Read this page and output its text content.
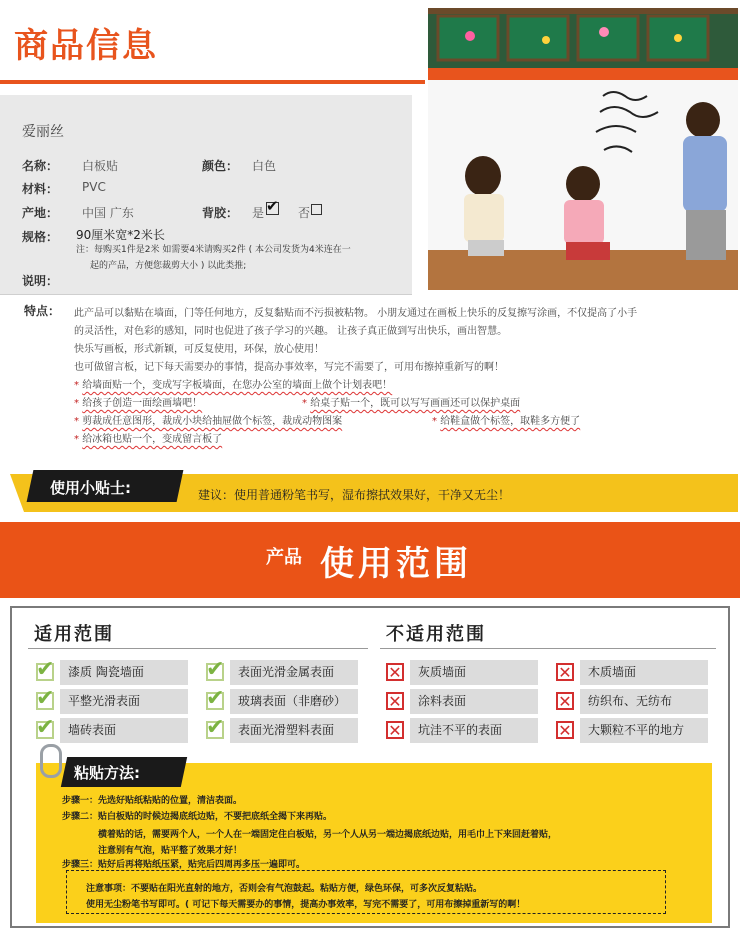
商品信息
爱丽丝
名称： 白板贴	颜色： 白色
材料： PVC
产地： 中国 广东	背胶： 是 ✔ 否
规格： 90厘米宽*2米长
注：每购买1件是2米 如需要4米请购买2件 ( 本公司发货为4米连在一
起的产品，方便您裁剪大小 ) 以此类推;
说明：
特点： 此产品可以黏贴在墙面，门等任何地方，反复黏贴而不污损被粘物。 小朋友通过在画板上快乐的反复擦写涂画，不仅提高了小手
的灵活性，对色彩的感知，同时也促进了孩子学习的兴趣。 让孩子真正做到写出快乐，画出智慧。
快乐写画板，形式新颖，可反复使用，环保，放心使用！
也可做留言板，记下每天需要办的事情，提高办事效率，写完不需要了，可用布擦掉重新写的啊！
* 给墙面贴一个，变成写字板墙面，在您办公室的墙面上做个计划表吧！
* 给孩子创造一面绘画墙吧！	* 给桌子贴一个，既可以写写画画还可以保护桌面
* 剪裁成任意图形，裁成小块给抽屉做个标签，裁成动物图案	* 给鞋盒做个标签，取鞋多方便了
* 给冰箱也贴一个，变成留言板了
使用小贴士:	建议：使用普通粉笔书写，湿布擦拭效果好，干净又无尘！
产品 使用范围
适用范围	不适用范围
✔	漆质 陶瓷墙面	✔	表面光滑金属表面
✔	平整光滑表面	✔	玻璃表面（非磨砂）
✔	墙砖表面	✔	表面光滑塑料表面
✕	灰质墙面	✕	木质墙面
✕	涂料表面	✕	纺织布、无纺布
✕	坑洼不平的表面	✕	大颗粒不平的地方
粘贴方法:
步骤一：先选好贴纸粘贴的位置，清洁表面。
步骤二：贴白板贴的时候边揭底纸边贴，不要把底纸全揭下来再贴。
横着贴的话，需要两个人，一个人在一端固定住白板贴，另一个人从另一端边揭底纸边贴，用毛巾上下来回赶着贴，
注意别有气泡，贴平整了效果才好！
步骤三：贴好后再将贴纸压紧，贴完后四周再多压一遍即可。
注意事项：不要贴在阳光直射的地方，否则会有气泡鼓起。粘贴方便，绿色环保，可多次反复粘贴。
使用无尘粉笔书写即可。( 可记下每天需要办的事情，提高办事效率，写完不需要了，可用布擦掉重新写的啊！
